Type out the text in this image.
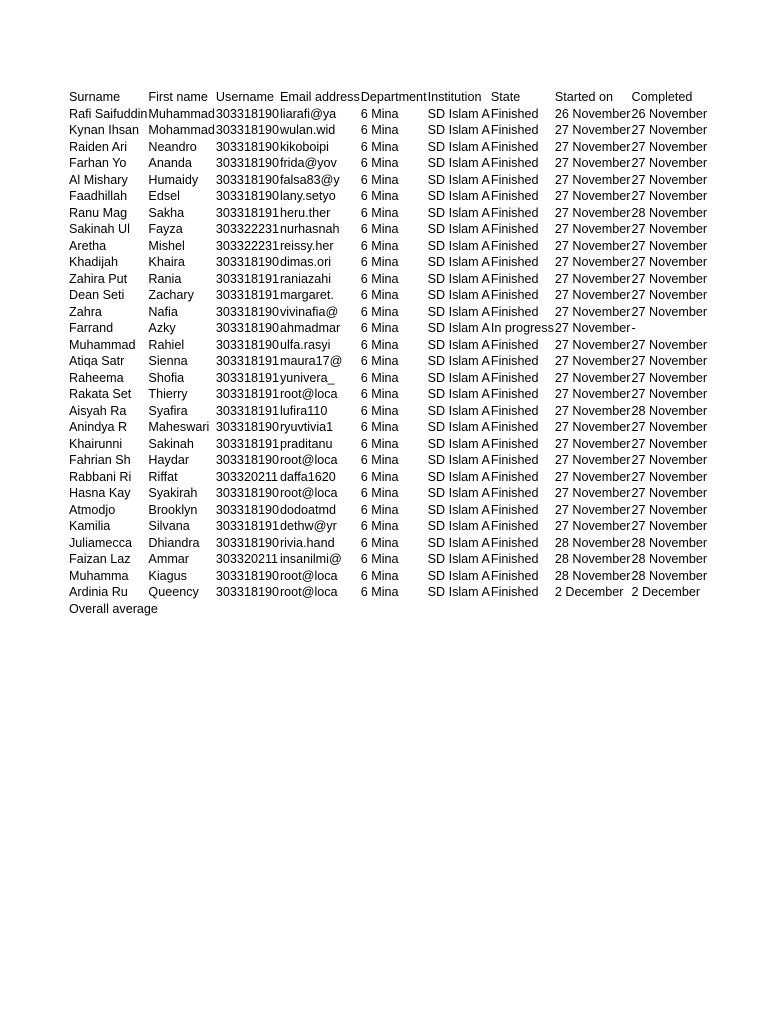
Surname	First name	Username	Email address	Department	Institution	State	Started on	Completed
Rafi Saifuddin	Muhammad	303318190	liarafi@ya	6 Mina	SD Islam A	Finished	26 November	26 November
Kynan Ihsan	Mohammad	303318190	wulan.wid	6 Mina	SD Islam A	Finished	27 November	27 November
Raiden Ari	Neandro	303318190	kikoboipi	6 Mina	SD Islam A	Finished	27 November	27 November
Farhan Yo	Ananda	303318190	frida@yov	6 Mina	SD Islam A	Finished	27 November	27 November
Al Mishary	Humaidy	303318190	falsa83@y	6 Mina	SD Islam A	Finished	27 November	27 November
Faadhillah	Edsel	303318190	lany.setyo	6 Mina	SD Islam A	Finished	27 November	27 November
Ranu Mag	Sakha	303318191	heru.ther	6 Mina	SD Islam A	Finished	27 November	28 November
Sakinah Ul	Fayza	303322231	nurhasnah	6 Mina	SD Islam A	Finished	27 November	27 November
Aretha	Mishel	303322231	reissy.her	6 Mina	SD Islam A	Finished	27 November	27 November
Khadijah	Khaira	303318190	dimas.ori	6 Mina	SD Islam A	Finished	27 November	27 November
Zahira Put	Rania	303318191	raniazahi	6 Mina	SD Islam A	Finished	27 November	27 November
Dean Seti	Zachary	303318191	margaret.	6 Mina	SD Islam A	Finished	27 November	27 November
Zahra	Nafia	303318190	vivinafia@	6 Mina	SD Islam A	Finished	27 November	27 November
Farrand	Azky	303318190	ahmadmar	6 Mina	SD Islam A	In progress	27 November	-
Muhammad	Rahiel	303318190	ulfa.rasyi	6 Mina	SD Islam A	Finished	27 November	27 November
Atiqa Satr	Sienna	303318191	maura17@	6 Mina	SD Islam A	Finished	27 November	27 November
Raheema	Shofia	303318191	yunivera_	6 Mina	SD Islam A	Finished	27 November	27 November
Rakata Set	Thierry	303318191	root@loca	6 Mina	SD Islam A	Finished	27 November	27 November
Aisyah Ra	Syafira	303318191	lufira110	6 Mina	SD Islam A	Finished	27 November	28 November
Anindya R	Maheswari	303318190	ryuvtivia1	6 Mina	SD Islam A	Finished	27 November	27 November
Khairunni	Sakinah	303318191	praditanu	6 Mina	SD Islam A	Finished	27 November	27 November
Fahrian Sh	Haydar	303318190	root@loca	6 Mina	SD Islam A	Finished	27 November	27 November
Rabbani Ri	Riffat	303320211	daffa1620	6 Mina	SD Islam A	Finished	27 November	27 November
Hasna Kay	Syakirah	303318190	root@loca	6 Mina	SD Islam A	Finished	27 November	27 November
Atmodjo	Brooklyn	303318190	dodoatmd	6 Mina	SD Islam A	Finished	27 November	27 November
Kamilia	Silvana	303318191	dethw@yr	6 Mina	SD Islam A	Finished	27 November	27 November
Juliamecca	Dhiandra	303318190	rivia.hand	6 Mina	SD Islam A	Finished	28 November	28 November
Faizan Laz	Ammar	303320211	insanilmi@	6 Mina	SD Islam A	Finished	28 November	28 November
Muhamma	Kiagus	303318190	root@loca	6 Mina	SD Islam A	Finished	28 November	28 November
Ardinia Ru	Queency	303318190	root@loca	6 Mina	SD Islam A	Finished	2 December	2 December
Overall average								
